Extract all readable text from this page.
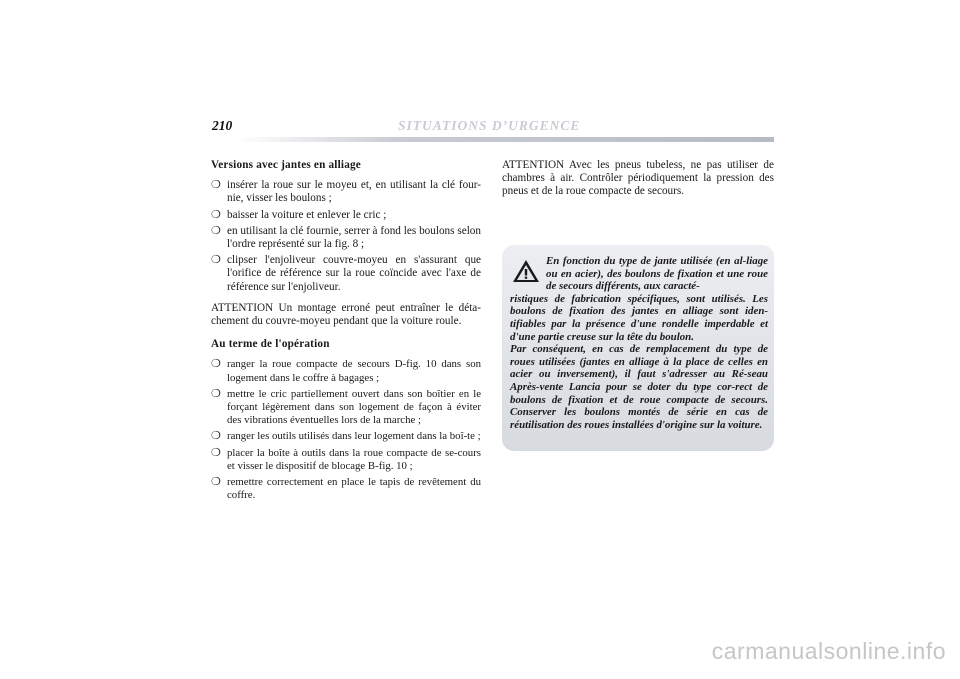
210	SITUATIONS D’URGENCE
Versions avec jantes en alliage
❍ insérer la roue sur le moyeu et, en utilisant la clé four-nie, visser les boulons ;
❍ baisser la voiture et enlever le cric ;
❍ en utilisant la clé fournie, serrer à fond les boulons selon l'ordre représenté sur la fig. 8 ;
❍ clipser l'enjoliveur couvre-moyeu en s'assurant que l'orifice de référence sur la roue coïncide avec l'axe de référence sur l'enjoliveur.

ATTENTION Un montage erroné peut entraîner le déta-chement du couvre-moyeu pendant que la voiture roule.

Au terme de l'opération
❍ ranger la roue compacte de secours D-fig. 10 dans son logement dans le coffre à bagages ;
❍ mettre le cric partiellement ouvert dans son boîtier en le forçant légèrement dans son logement de façon à éviter des vibrations éventuelles lors de la marche ;
❍ ranger les outils utilisés dans leur logement dans la boî-te ;
❍ placer la boîte à outils dans la roue compacte de se-cours et visser le dispositif de blocage B-fig. 10 ;
❍ remettre correctement en place le tapis de revêtement du coffre.

ATTENTION Avec les pneus tubeless, ne pas utiliser de chambres à air. Contrôler périodiquement la pression des pneus et de la roue compacte de secours.

En fonction du type de jante utilisée (en al-liage ou en acier), des boulons de fixation et une roue de secours différents, aux caracté-

ristiques de fabrication spécifiques, sont utilisés. Les boulons de fixation des jantes en alliage sont iden-tifiables par la présence d'une rondelle imperdable et d'une partie creuse sur la tête du boulon.

Par conséquent, en cas de remplacement du type de roues utilisées (jantes en alliage à la place de celles en acier ou inversement), il faut s'adresser au Ré-seau Après-vente Lancia pour se doter du type cor-rect de boulons de fixation et de roue compacte de secours. Conserver les boulons montés de série en cas de réutilisation des roues installées d'origine sur la voiture.

carmanualsonline.info
